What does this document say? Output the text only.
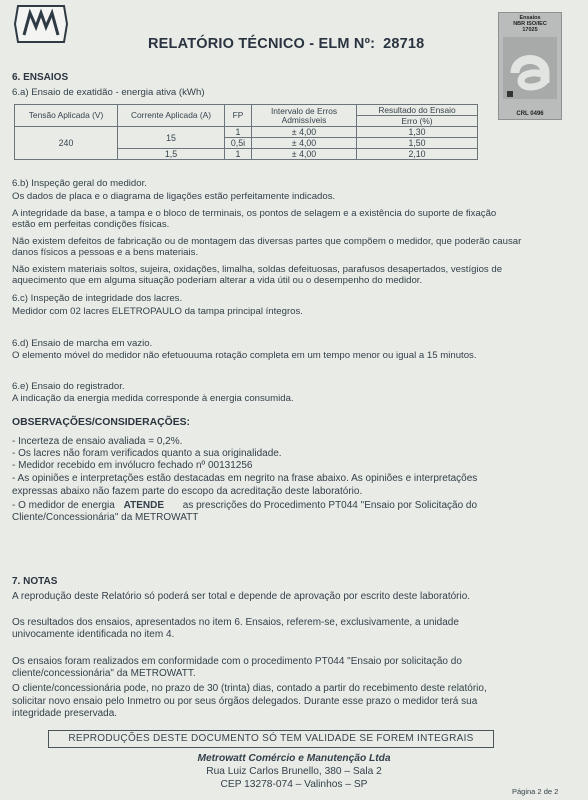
RELATÓRIO TÉCNICO - ELM Nº: 28718
Ensaios
NBR ISO/IEC
17025
CRL 0496
6. ENSAIOS
6.a) Ensaio de exatidão - energia ativa (kWh)
Tensão Aplicada (V)	Corrente Aplicada (A)	FP	Intervalo de Erros Admissíveis	Resultado do Ensaio
				Erro (%)
240	15	1	± 4,00	1,30
		0,5i	± 4,00	1,50
	1,5	1	± 4,00	2,10
6.b) Inspeção geral do medidor.
Os dados de placa e o diagrama de ligações estão perfeitamente indicados.
A integridade da base, a tampa e o bloco de terminais, os pontos de selagem e a existência do suporte de fixação
estão em perfeitas condições físicas.
Não existem defeitos de fabricação ou de montagem das diversas partes que compõem o medidor, que poderão causar
danos físicos a pessoas e a bens materiais.
Não existem materiais soltos, sujeira, oxidações, limalha, soldas defeituosas, parafusos desapertados, vestígios de
aquecimento que em alguma situação poderiam alterar a vida útil ou o desempenho do medidor.
6.c) Inspeção de integridade dos lacres.
Medidor com 02 lacres ELETROPAULO da tampa principal íntegros.
6.d) Ensaio de marcha em vazio.
O elemento móvel do medidor não efetuouuma rotação completa em um tempo menor ou igual a 15 minutos.
6.e) Ensaio do registrador.
A indicação da energia medida corresponde à energia consumida.
OBSERVAÇÕES/CONSIDERAÇÕES:
- Incerteza de ensaio avaliada = 0,2%.
- Os lacres não foram verificados quanto a sua originalidade.
- Medidor recebido em invólucro fechado nº 00131256
- As opiniões e interpretações estão destacadas em negrito na frase abaixo. As opiniões e interpretações
expressas abaixo não fazem parte do escopo da acreditação deste laboratório.
- O medidor de energia ATENDE as prescrições do Procedimento PT044 "Ensaio por Solicitação do
Cliente/Concessionária" da METROWATT
7. NOTAS
A reprodução deste Relatório só poderá ser total e depende de aprovação por escrito deste laboratório.
Os resultados dos ensaios, apresentados no item 6. Ensaios, referem-se, exclusivamente, a unidade
univocamente identificada no item 4.
Os ensaios foram realizados em conformidade com o procedimento PT044 "Ensaio por solicitação do
cliente/concessionária" da METROWATT.
O cliente/concessionária pode, no prazo de 30 (trinta) dias, contado a partir do recebimento deste relatório,
solicitar novo ensaio pelo Inmetro ou por seus órgãos delegados. Durante esse prazo o medidor terá sua
integridade preservada.
REPRODUÇÕES DESTE DOCUMENTO SÓ TEM VALIDADE SE FOREM INTEGRAIS
Metrowatt Comércio e Manutenção Ltda
Rua Luiz Carlos Brunello, 380 – Sala 2
CEP 13278-074 – Valinhos – SP
Página 2 de 2
